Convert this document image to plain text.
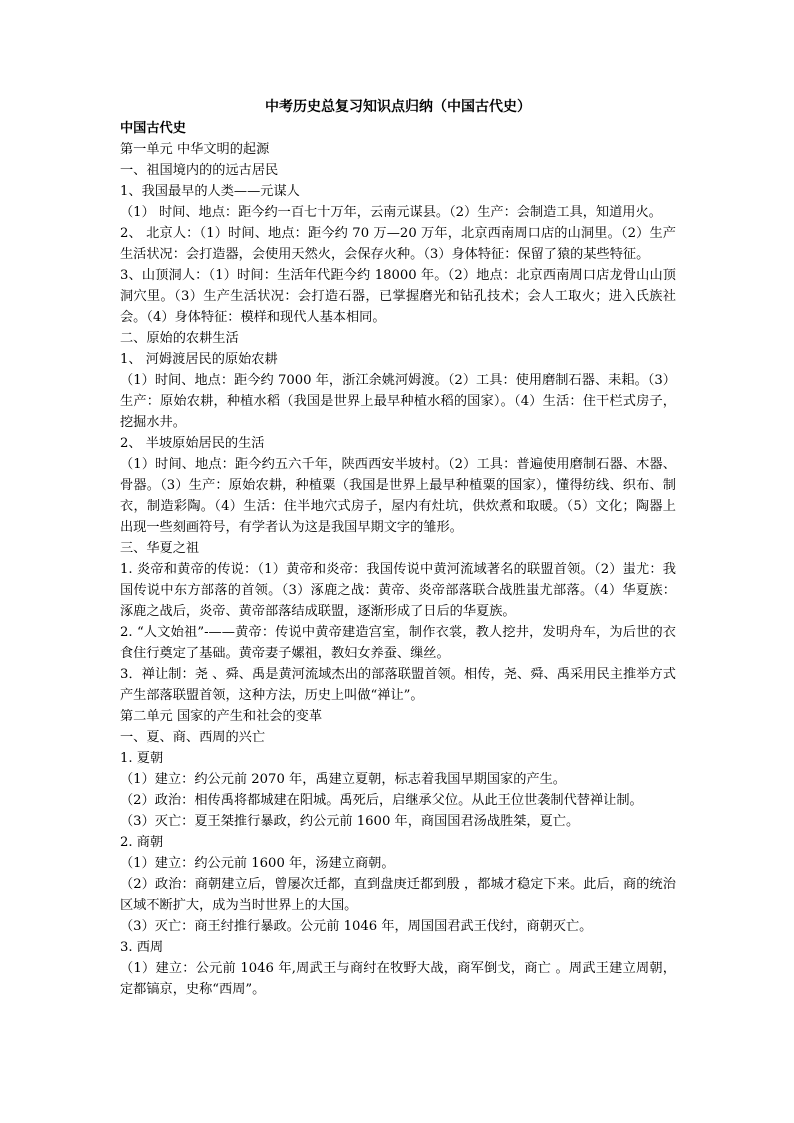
中考历史总复习知识点归纳（中国古代史）

中国古代史

第一单元 中华文明的起源

一、祖国境内的的远古居民

1、我国最早的人类——元谋人

（1） 时间、地点：距今约一百七十万年，云南元谋县。（2）生产：会制造工具，知道用火。

2、 北京人：（1）时间、地点：距今约 70 万—20 万年，北京西南周口店的山洞里。（2）生产生活状况：会打造器，会使用天然火，会保存火种。（3）身体特征：保留了猿的某些特征。

3、山顶洞人：（1）时间：生活年代距今约 18000 年。（2）地点：北京西南周口店龙骨山山顶洞穴里。（3）生产生活状况：会打造石器，已掌握磨光和钻孔技术；会人工取火；进入氏族社会。（4）身体特征：模样和现代人基本相同。

二、原始的农耕生活

1、 河姆渡居民的原始农耕

（1）时间、地点：距今约 7000 年，浙江余姚河姆渡。（2）工具：使用磨制石器、耒耜。（3）生产：原始农耕，种植水稻（我国是世界上最早种植水稻的国家）。（4）生活：住干栏式房子，挖掘水井。

2、 半坡原始居民的生活

（1）时间、地点：距今约五六千年，陕西西安半坡村。（2）工具：普遍使用磨制石器、木器、骨器。（3）生产：原始农耕，种植粟（我国是世界上最早种植粟的国家），懂得纺线、织布、制衣，制造彩陶。（4）生活：住半地穴式房子，屋内有灶坑，供炊煮和取暖。（5）文化；陶器上出现一些刻画符号，有学者认为这是我国早期文字的雏形。

三、华夏之祖

1. 炎帝和黄帝的传说：（1）黄帝和炎帝：我国传说中黄河流域著名的联盟首领。（2）蚩尤：我国传说中东方部落的首领。（3）涿鹿之战：黄帝、炎帝部落联合战胜蚩尤部落。（4）华夏族：涿鹿之战后，炎帝、黄帝部落结成联盟，逐渐形成了日后的华夏族。

2. “人文始祖”-——黄帝：传说中黄帝建造宫室，制作衣裳，教人挖井，发明舟车，为后世的衣食住行奠定了基础。黄帝妻子嫘祖，教妇女养蚕、缫丝。

3．禅让制：尧 、舜、禹是黄河流域杰出的部落联盟首领。相传，尧、舜、禹采用民主推举方式产生部落联盟首领，这种方法，历史上叫做“禅让”。

第二单元 国家的产生和社会的变革

一、夏、商、西周的兴亡

1. 夏朝

（1）建立：约公元前 2070 年，禹建立夏朝，标志着我国早期国家的产生。

（2）政治：相传禹将都城建在阳城。禹死后，启继承父位。从此王位世袭制代替禅让制。

（3）灭亡：夏王桀推行暴政，约公元前 1600 年，商国国君汤战胜桀，夏亡。

2. 商朝

（1）建立：约公元前 1600 年，汤建立商朝。

（2）政治：商朝建立后，曾屡次迁都，直到盘庚迁都到殷 ，都城才稳定下来。此后，商的统治区域不断扩大，成为当时世界上的大国。

（3）灭亡：商王纣推行暴政。公元前 1046 年，周国国君武王伐纣，商朝灭亡。

3. 西周

（1）建立：公元前 1046 年,周武王与商纣在牧野大战，商军倒戈，商亡 。周武王建立周朝，定都镐京，史称“西周”。
